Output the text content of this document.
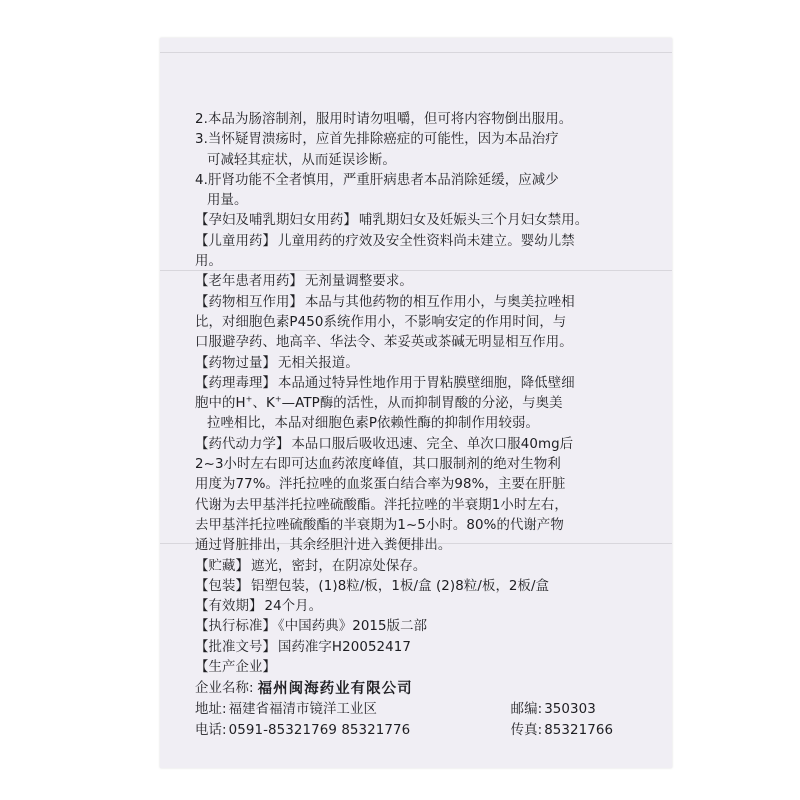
2.本品为肠溶制剂，服用时请勿咀嚼，但可将内容物倒出服用。
3.当怀疑胃溃疡时，应首先排除癌症的可能性，因为本品治疗
可减轻其症状，从而延误诊断。
4.肝肾功能不全者慎用，严重肝病患者本品消除延缓，应减少
用量。
【孕妇及哺乳期妇女用药】 哺乳期妇女及妊娠头三个月妇女禁用。
【儿童用药】 儿童用药的疗效及安全性资料尚未建立。婴幼儿禁
用。
【老年患者用药】 无剂量调整要求。
【药物相互作用】 本品与其他药物的相互作用小，与奥美拉唑相
比，对细胞色素P450系统作用小，不影响安定的作用时间，与
口服避孕药、地高辛、华法令、苯妥英或茶碱无明显相互作用。
【药物过量】 无相关报道。
【药理毒理】 本品通过特异性地作用于胃粘膜壁细胞，降低壁细
胞中的H+、K+—ATP酶的活性，从而抑制胃酸的分泌，与奥美
拉唑相比，本品对细胞色素P依赖性酶的抑制作用较弱。
【药代动力学】 本品口服后吸收迅速、完全、单次口服40mg后
2~3小时左右即可达血药浓度峰值，其口服制剂的绝对生物利
用度为77%。泮托拉唑的血浆蛋白结合率为98%，主要在肝脏
代谢为去甲基泮托拉唑硫酸酯。泮托拉唑的半衰期1小时左右，
去甲基泮托拉唑硫酸酯的半衰期为1~5小时。80%的代谢产物
通过肾脏排出，其余经胆汁进入粪便排出。
【贮藏】 遮光，密封，在阴凉处保存。
【包装】 铝塑包装，(1)8粒/板，1板/盒 (2)8粒/板，2板/盒
【有效期】 24个月。
【执行标准】 《中国药典》2015版二部
【批准文号】 国药准字H20052417
【生产企业】
企业名称: 福州闽海药业有限公司
地址: 福建省福清市镜洋工业区	邮编: 350303
电话: 0591-85321769 85321776	传真: 85321766
